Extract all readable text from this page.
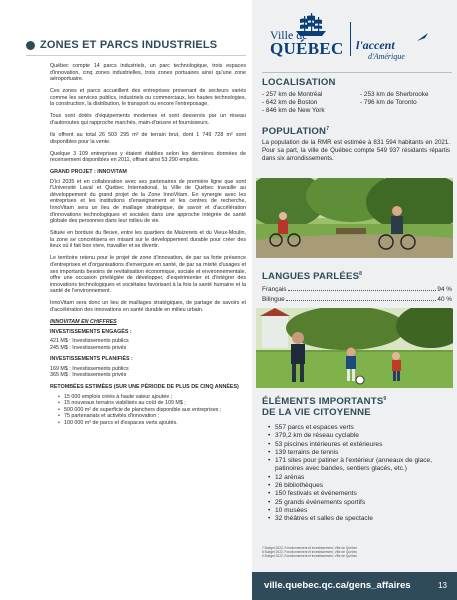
ZONES ET PARCS INDUSTRIELS

Québec compte 14 parcs industriels, un parc technologique, trois espaces d'innovation, cinq zones industrielles, trois zones portuaires ainsi qu'une zone aéroportuaire.

Ces zones et parcs accueillent des entreprises provenant de secteurs variés comme les services publics, industriels ou commerciaux, les hautes technologies, la construction, la distribution, le transport ou encore l'entreposage.

Tous sont dotés d'équipements modernes et sont desservis par un réseau d'autoroutes qui rapproche marchés, main-d'œuvre et fournisseurs.

Ils offrent au total 26 503 295 m² de terrain brut, dont 1 749 728 m² sont disponibles pour la vente.

Quelque 3 109 entreprises y étaient établies selon les dernières données de recensement disponibles en 2011, offrant ainsi 53 290 emplois.

GRAND PROJET : INNOVITAM

D'ici 2035 et en collaboration avec ses partenaires de première ligne que sont l'Université Laval et Québec International, la Ville de Québec travaille au développement du grand projet de la Zone InnoVitam. En synergie avec les entreprises et les institutions d'enseignement et les centres de recherche, InnoVitam sera un lieu de maillage stratégique, de savoir et d'accélération d'innovations technologiques et sociales dans une approche intégrée de santé globale des personnes dans leur milieu de vie.

Située en bordure du fleuve, entre les quartiers de Maizerets et du Vieux-Moulin, la zone se concrétisera en misant sur le développement durable pour créer des lieux où il fait bon vivre, travailler et se divertir.

Le territoire retenu pour le projet de zone d'innovation, de par sa forte présence d'entreprises et d'organisations d'envergure en santé, de par sa mixité d'usages et ses importants besoins de revitalisation économique, sociale et environnementale, offre une occasion privilégiée de développer, d'expérimenter et d'intégrer des innovations technologiques et sociétales favorisant à la fois la santé humaine et la santé de l'environnement.

InnoVitam sera donc un lieu de maillages stratégiques, de partage de savoirs et d'accélération des innovations en santé durable en milieu urbain.

INNOVITAM EN CHIFFRES

INVESTISSEMENTS ENGAGÉS :

421 M$ : Investissements publics

245 M$ : Investissements privés

INVESTISSEMENTS PLANIFIÉS :

169 M$ : Investissements publics

365 M$ : Investissements privés

RETOMBÉES ESTIMÉES (SUR UNE PÉRIODE DE PLUS DE CINQ ANNÉES)

• 15 000 emplois créés à haute valeur ajoutée ;
• 15 nouveaux terrains viabilisés au coût de 109 M$ ;
• 500 000 m² de superficie de planchers disponible aux entreprises ;
• 75 partenariats et activités d'innovation ;
• 100 000 m² de parcs et d'espaces verts ajoutés.
Ville de
QUÉBEC l'accent
d'Amérique
LOCALISATION
- 257 km de Montréal	- 253 km de Sherbrooke
- 642 km de Boston	- 796 km de Toronto
- 846 km de New York
POPULATION$^7$
La population de la RMR est estimée à 831 594 habitants en 2021. Pour sa part, la ville de Québec compte 549 937 résidants répartis dans six arrondissements.
LANGUES PARLÉES$^8$
Français	94 %
Bilingue	40 %
ÉLÉMENTS IMPORTANTS$^9$
DE LA VIE CITOYENNE
• 557 parcs et espaces verts
• 379,2 km de réseau cyclable
• 53 piscines intérieures et extérieures
• 139 terrains de tennis
• 171 sites pour patiner à l'extérieur (anneaux de glace, patinoires avec bandes, sentiers glacés, etc.)
• 12 arénas
• 26 bibliothèques
• 150 festivals et événements
• 25 grands événements sportifs
• 10 musées
• 32 théâtres et salles de spectacle
7 Budget 2022, Fonctionnement et investissement, Ville de Québec
8 Budget 2022, Fonctionnement et investissement, Ville de Québec
9 Budget 2022, Fonctionnement et investissement, Ville de Québec
ville.quebec.qc.ca/gens_affaires	13
